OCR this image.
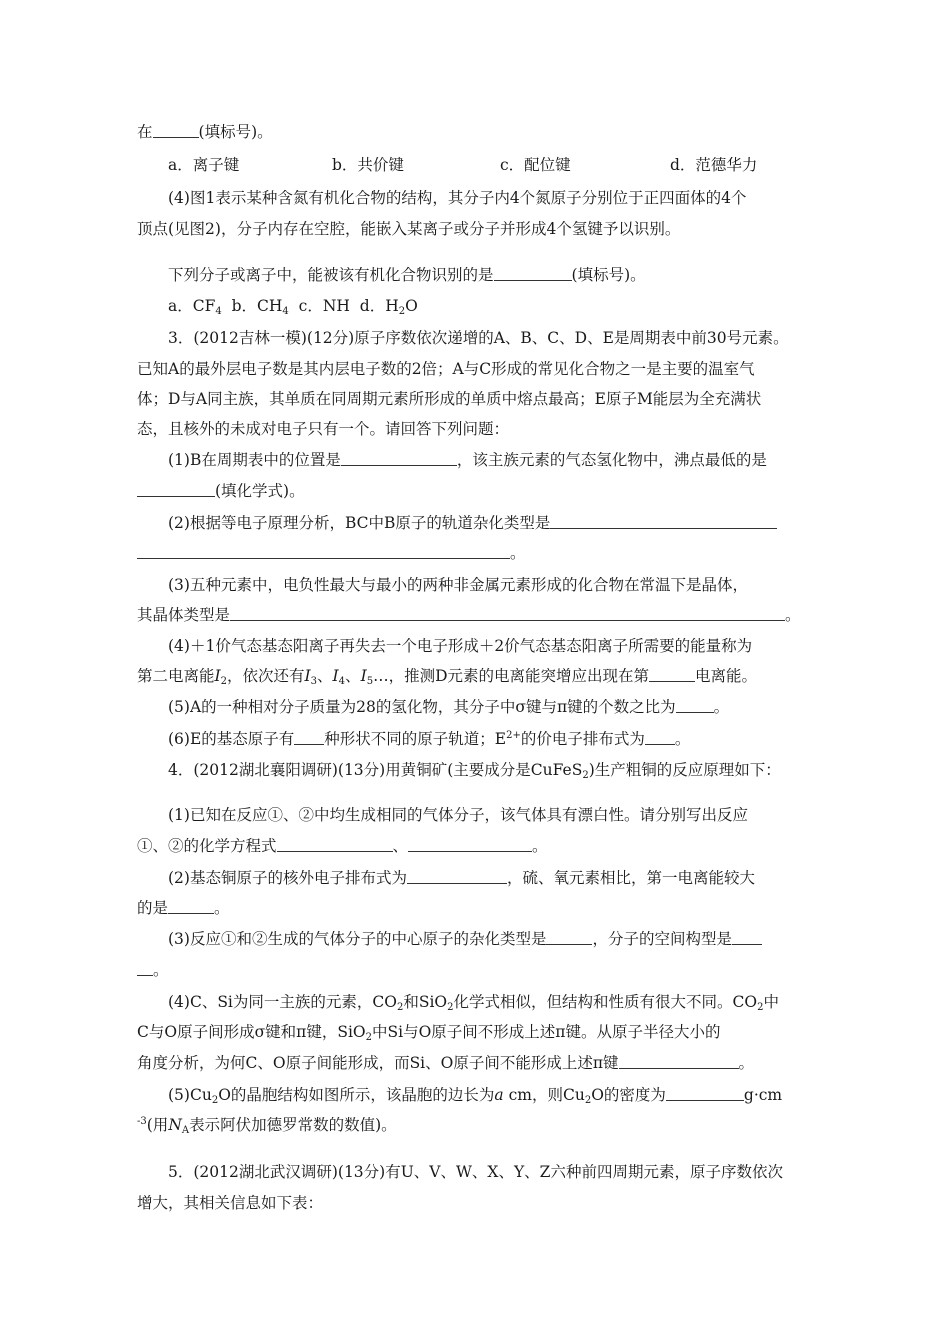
在	(填标号)。
a．离子键	b．共价键	c．配位键	d．范德华力
(4)图1表示某种含氮有机化合物的结构，其分子内4个氮原子分别位于正四面体的4个
顶点(见图2)，分子内存在空腔，能嵌入某离子或分子并形成4个氢键予以识别。
下列分子或离子中，能被该有机化合物识别的是	(填标号)。
a．$CF_4$ b．$CH_4$ c．NH d．$H_2O$
3．(2012吉林一模)(12分)原子序数依次递增的A、B、C、D、E是周期表中前30号元素。
已知A的最外层电子数是其内层电子数的2倍；A与C形成的常见化合物之一是主要的温室气
体；D与A同主族，其单质在同周期元素所形成的单质中熔点最高；E原子M能层为全充满状
态，且核外的未成对电子只有一个。请回答下列问题：
(1)B在周期表中的位置是	，该主族元素的气态氢化物中，沸点最低的是
(填化学式)。
(2)根据等电子原理分析，BC中B原子的轨道杂化类型是
。
(3)五种元素中，电负性最大与最小的两种非金属元素形成的化合物在常温下是晶体，
其晶体类型是	。
(4)＋1价气态基态阳离子再失去一个电子形成＋2价气态基态阳离子所需要的能量称为
第二电离能$I_2$，依次还有$I_3$、$I_4$、$I_5\dots$，推测D元素的电离能突增应出现在第	电离能。
(5)A的一种相对分子质量为28的氢化物，其分子中σ键与π键的个数之比为 。
(6)E的基态原子有 种形状不同的原子轨道；$E^{2+}$的价电子排布式为 。
4．(2012湖北襄阳调研)(13分)用黄铜矿(主要成分是CuFeS$_2$)生产粗铜的反应原理如下：
(1)已知在反应①、②中均生成相同的气体分子，该气体具有漂白性。请分别写出反应
①、②的化学方程式	、	。
(2)基态铜原子的核外电子排布式为	，硫、氧元素相比，第一电离能较大
的是	。
(3)反应①和②生成的气体分子的中心原子的杂化类型是	，分子的空间构型是
。
(4)C、Si为同一主族的元素，$CO_2$和SiO$_2$化学式相似，但结构和性质有很大不同。$CO_2$中
C与O原子间形成σ键和π键，SiO$_2$中Si与O原子间不形成上述π键。从原子半径大小的
角度分析，为何C、O原子间能形成，而Si、O原子间不能形成上述π键	。
$(5)Cu_2O$的晶胞结构如图所示，该晶胞的边长为a cm，则$Cu_2O$的密度为	g·cm
$^{-3}$(用$N_A$表示阿伏加德罗常数的数值)。
5．(2012湖北武汉调研)(13分)有U、V、W、X、Y、Z六种前四周期元素，原子序数依次
增大，其相关信息如下表：
